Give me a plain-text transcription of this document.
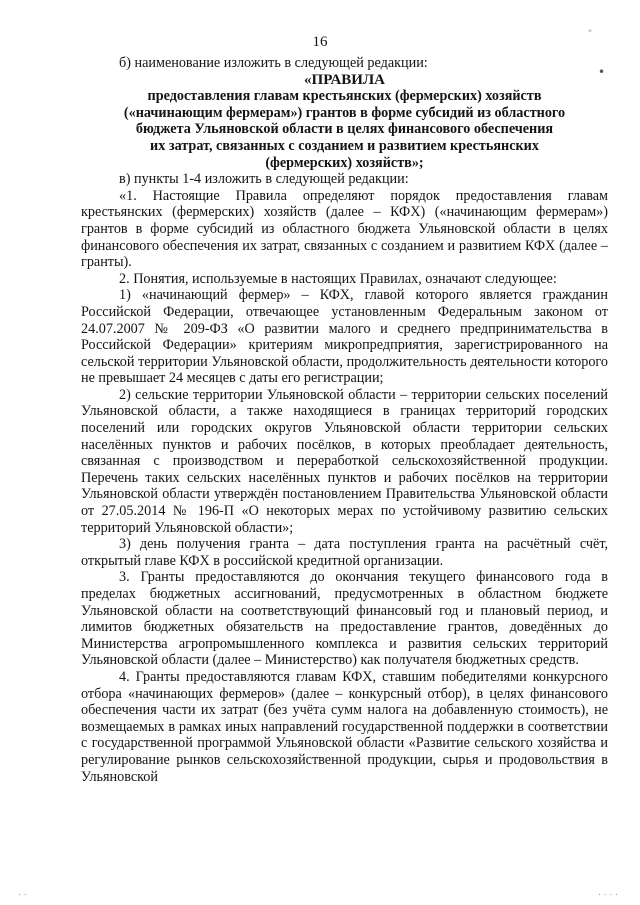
"
•
. .	. . . .
16

б) наименование изложить в следующей редакции:

«ПРАВИЛА
предоставления главам крестьянских (фермерских) хозяйств
(«начинающим фермерам») грантов в форме субсидий из областного
бюджета Ульяновской области в целях финансового обеспечения
их затрат, связанных с созданием и развитием крестьянских
(фермерских) хозяйств»;

в) пункты 1-4 изложить в следующей редакции:

«1. Настоящие Правила определяют порядок предоставления главам крестьянских (фермерских) хозяйств (далее – КФХ) («начинающим фермерам») грантов в форме субсидий из областного бюджета Ульяновской области в целях финансового обеспечения их затрат, связанных с созданием и развитием КФХ (далее – гранты).

2. Понятия, используемые в настоящих Правилах, означают следующее:

1) «начинающий фермер» – КФХ, главой которого является гражданин Российской Федерации, отвечающее установленным Федеральным законом от 24.07.2007 № 209-ФЗ «О развитии малого и среднего предпринимательства в Российской Федерации» критериям микропредприятия, зарегистрированного на сельской территории Ульяновской области, продолжительность деятельности которого не превышает 24 месяцев с даты его регистрации;

2) сельские территории Ульяновской области – территории сельских поселений Ульяновской области, а также находящиеся в границах территорий городских поселений или городских округов Ульяновской области территории сельских населённых пунктов и рабочих посёлков, в которых преобладает деятельность, связанная с производством и переработкой сельскохозяйственной продукции. Перечень таких сельских населённых пунктов и рабочих посёлков на территории Ульяновской области утверждён постановлением Правительства Ульяновской области от 27.05.2014 № 196-П «О некоторых мерах по устойчивому развитию сельских территорий Ульяновской области»;

3) день получения гранта – дата поступления гранта на расчётный счёт, открытый главе КФХ в российской кредитной организации.

3. Гранты предоставляются до окончания текущего финансового года в пределах бюджетных ассигнований, предусмотренных в областном бюджете Ульяновской области на соответствующий финансовый год и плановый период, и лимитов бюджетных обязательств на предоставление грантов, доведённых до Министерства агропромышленного комплекса и развития сельских территорий Ульяновской области (далее – Министерство) как получателя бюджетных средств.

4. Гранты предоставляются главам КФХ, ставшим победителями конкурсного отбора «начинающих фермеров» (далее – конкурсный отбор), в целях финансового обеспечения части их затрат (без учёта сумм налога на добавленную стоимость), не возмещаемых в рамках иных направлений государственной поддержки в соответствии с государственной программой Ульяновской области «Развитие сельского хозяйства и регулирование рынков сельскохозяйственной продукции, сырья и продовольствия в Ульяновской
